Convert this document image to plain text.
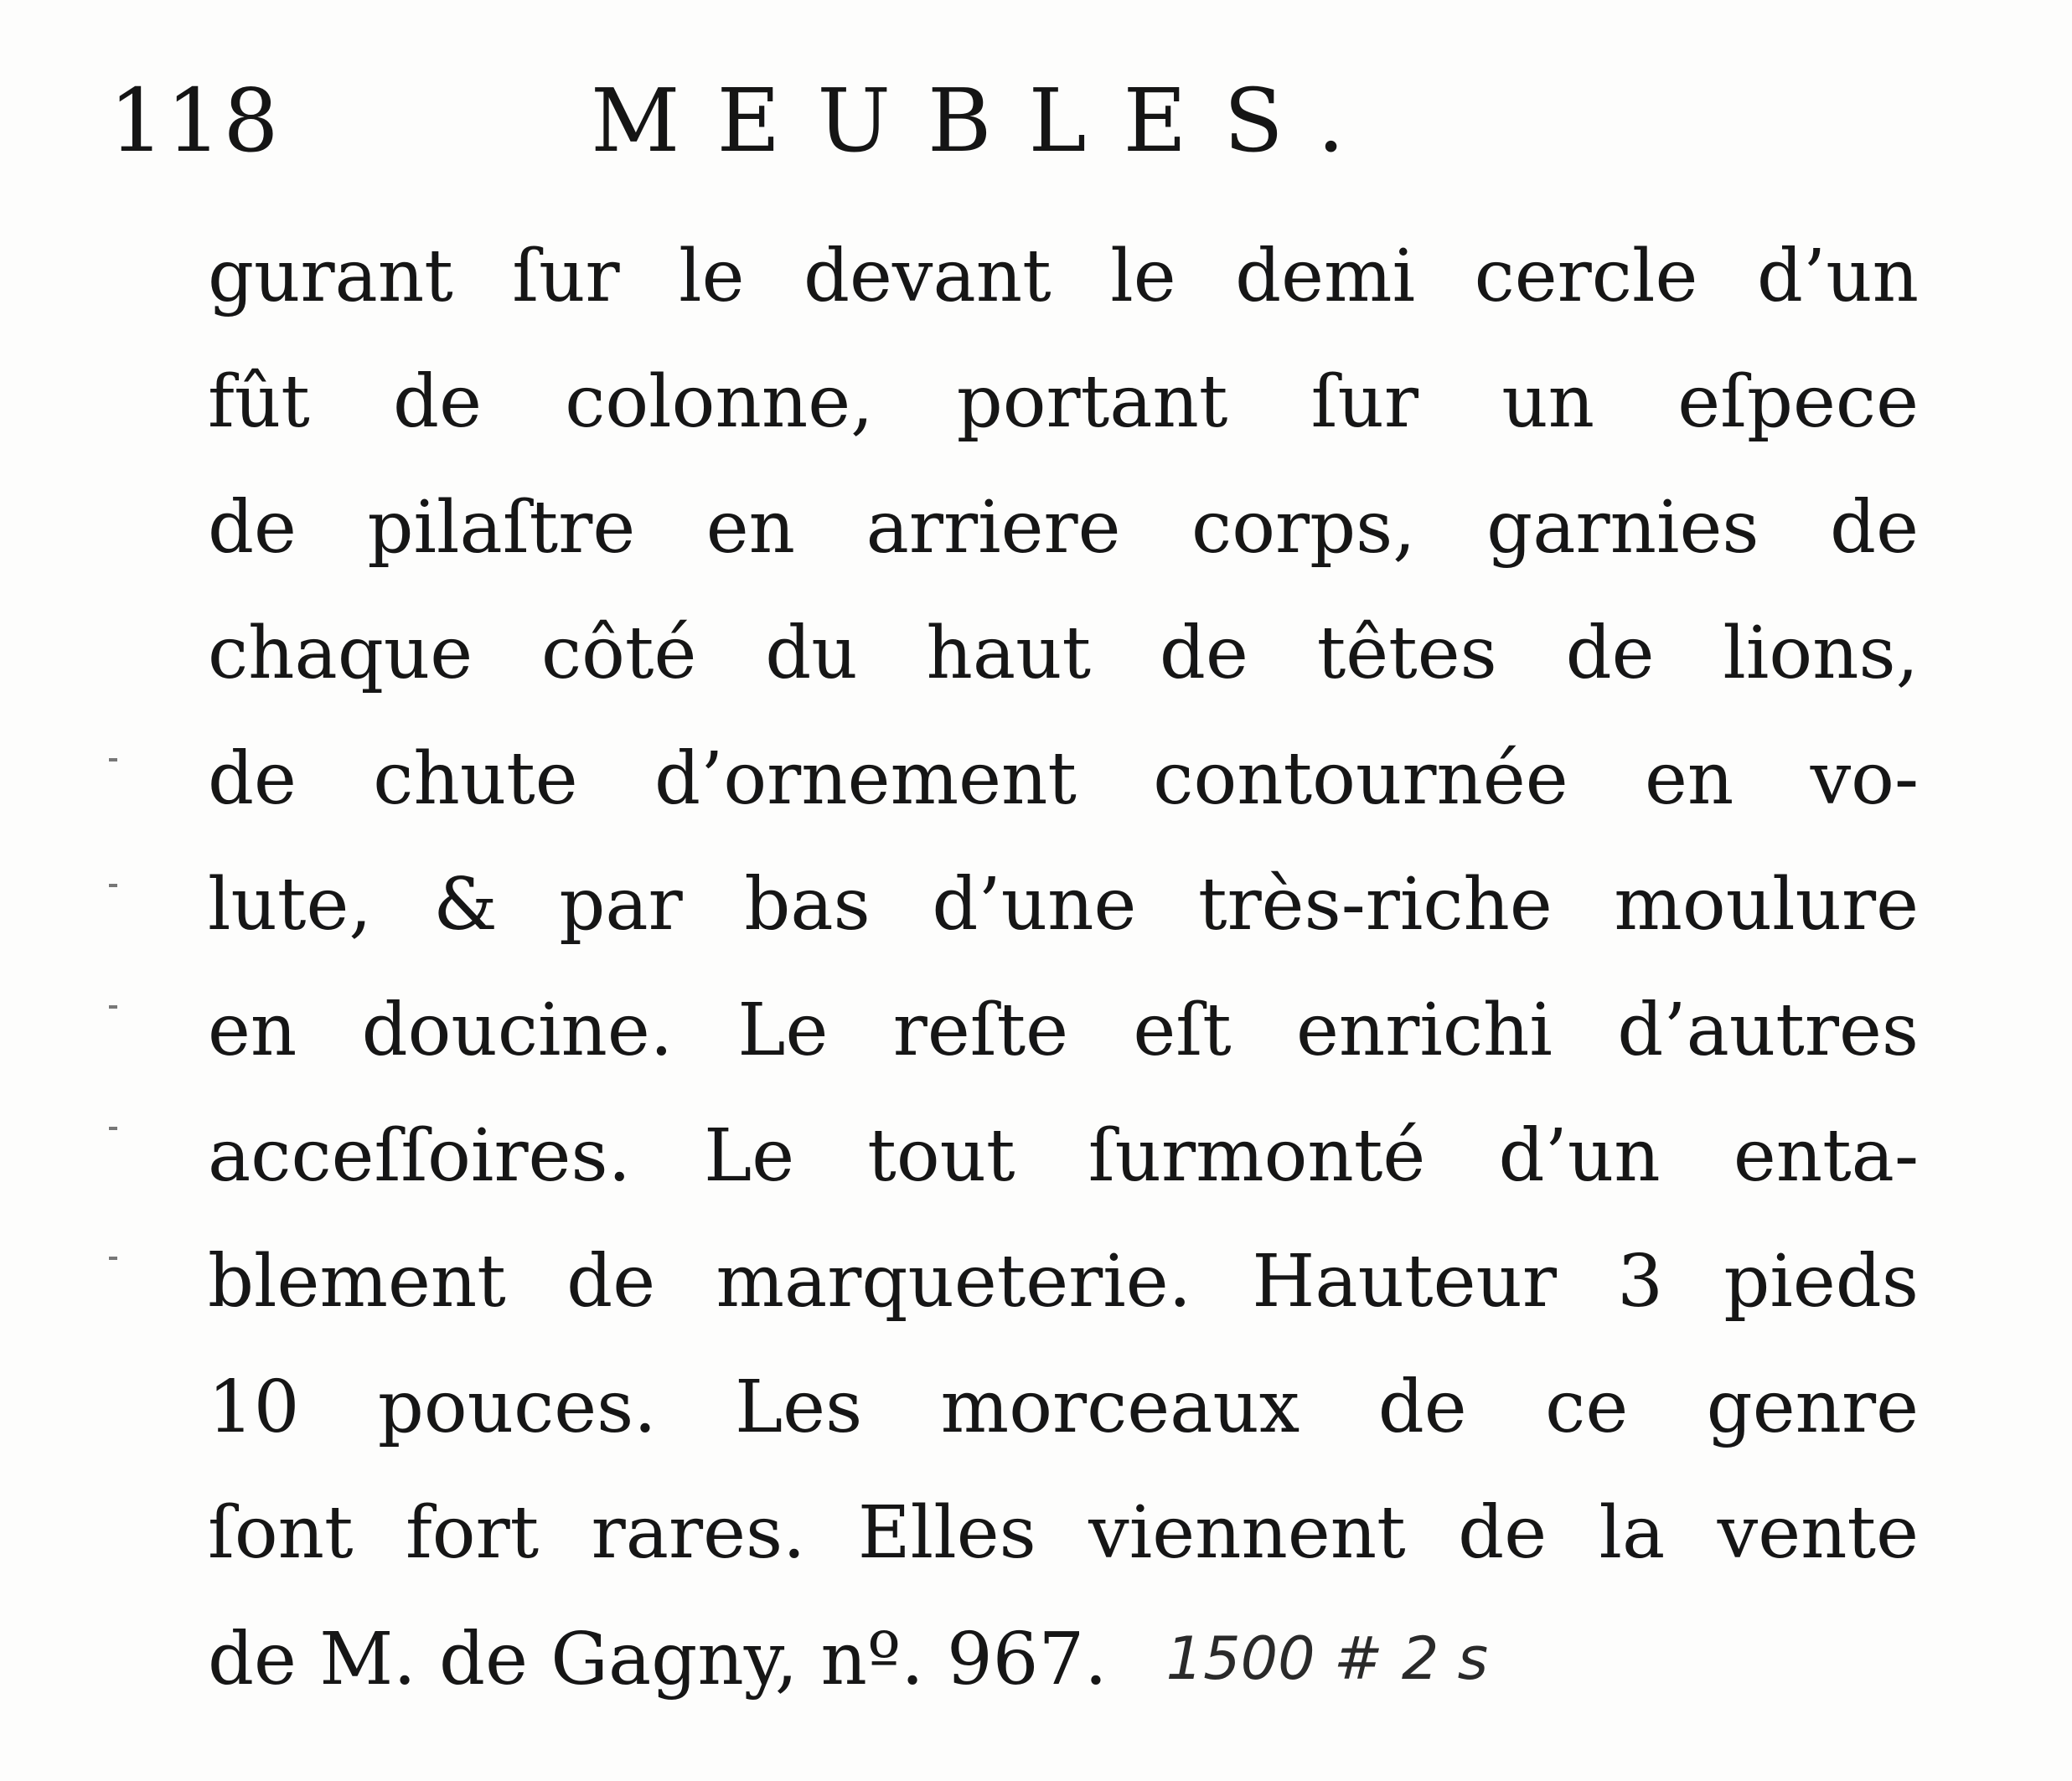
118	MEUBLES.
gurant ſur le devant le demi cercle d’un
fût de colonne, portant ſur un eſpece
de pilaſtre en arriere corps, garnies de
chaque côté du haut de têtes de lions,
de chute d’ornement contournée en vo-
lute, & par bas d’une très-riche moulure
en doucine. Le reſte eſt enrichi d’autres
acceſſoires. Le tout ſurmonté d’un enta-
blement de marqueterie. Hauteur 3 pieds
10 pouces. Les morceaux de ce genre
ſont fort rares. Elles viennent de la vente
de M. de Gagny, nº. 967. 1500 # 2 s
